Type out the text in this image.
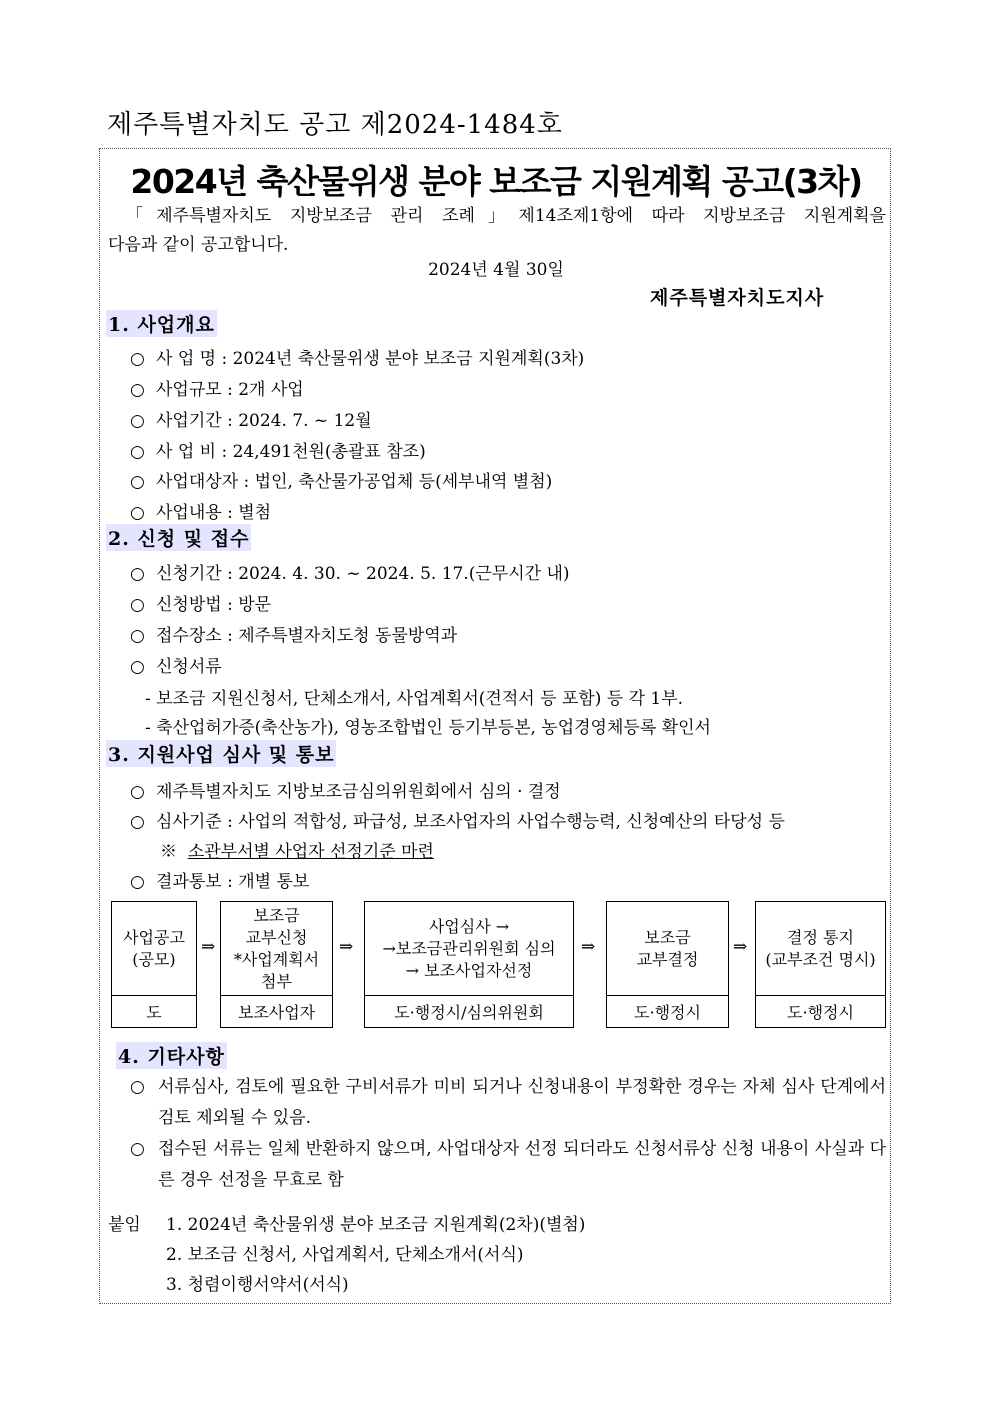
제주특별자치도 공고 제2024-1484호
2024년 축산물위생 분야 보조금 지원계획 공고(3차)
「제주특별자치도 지방보조금 관리 조례」제14조제1항에 따라 지방보조금 지원계획을
다음과 같이 공고합니다.
2024년 4월 30일
제주특별자치도지사
1. 사업개요
○ 사 업 명 : 2024년 축산물위생 분야 보조금 지원계획(3차)
○ 사업규모 : 2개 사업
○ 사업기간 : 2024. 7. ~ 12월
○ 사 업 비 : 24,491천원(총괄표 참조)
○ 사업대상자 : 법인, 축산물가공업체 등(세부내역 별첨)
○ 사업내용 : 별첨
2. 신청 및 접수
○ 신청기간 : 2024. 4. 30. ~ 2024. 5. 17.(근무시간 내)
○ 신청방법 : 방문
○ 접수장소 : 제주특별자치도청 동물방역과
○ 신청서류
- 보조금 지원신청서, 단체소개서, 사업계획서(견적서 등 포함) 등 각 1부.
- 축산업허가증(축산농가), 영농조합법인 등기부등본, 농업경영체등록 확인서
3. 지원사업 심사 및 통보
○ 제주특별자치도 지방보조금심의위원회에서 심의 · 결정
○ 심사기준 : 사업의 적합성, 파급성, 보조사업자의 사업수행능력, 신청예산의 타당성 등
※ 소관부서별 사업자 선정기준 마련
○ 결과통보 : 개별 통보
사업공고
(공모)
도
⇒
보조금
교부신청
*사업계획서
첨부
보조사업자
⇒
사업심사 →
→보조금관리위원회 심의
→ 보조사업자선정
도·행정시/심의위원회
⇒	보조금
교부결정
도·행정시
⇒	결정 통지
(교부조건 명시)
도·행정시
4. 기타사항
○ 서류심사, 검토에 필요한 구비서류가 미비 되거나 신청내용이 부정확한 경우는 자체 심사 단계에서 검토 제외될 수 있음.
○ 접수된 서류는 일체 반환하지 않으며, 사업대상자 선정 되더라도 신청서류상 신청 내용이 사실과 다른 경우 선정을 무효로 함
붙임 1. 2024년 축산물위생 분야 보조금 지원계획(2차)(별첨)
2. 보조금 신청서, 사업계획서, 단체소개서(서식)
3. 청렴이행서약서(서식)
